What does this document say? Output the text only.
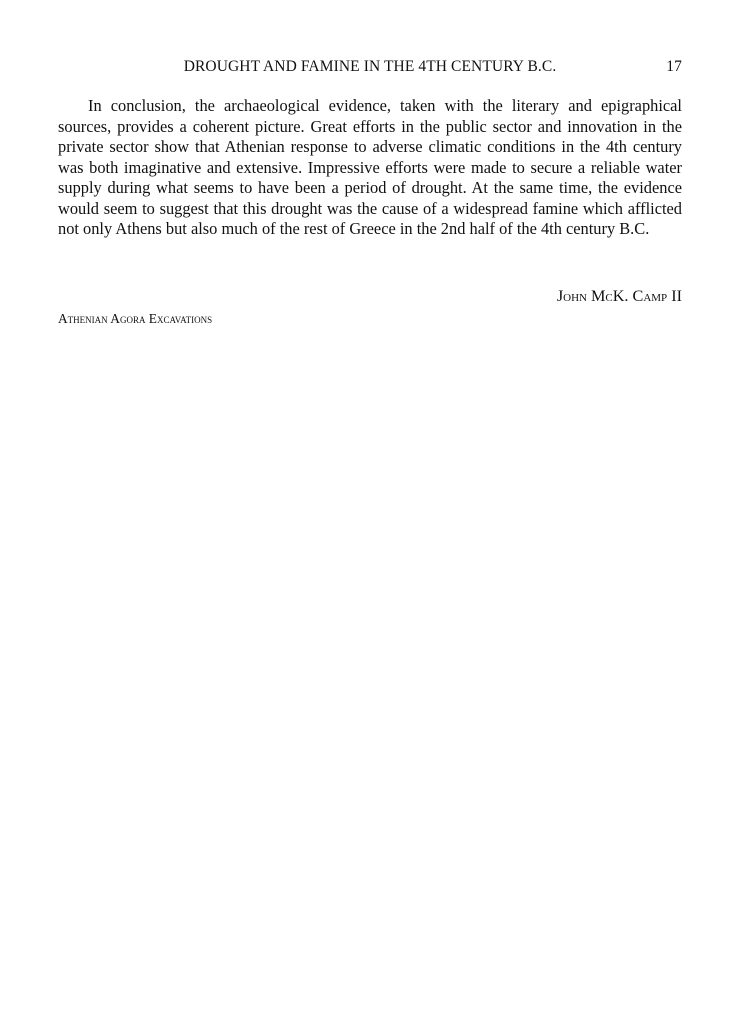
DROUGHT AND FAMINE IN THE 4TH CENTURY B.C.	17

In conclusion, the archaeological evidence, taken with the literary and epigraphical sources, provides a coherent picture. Great efforts in the public sector and innovation in the private sector show that Athenian response to adverse climatic conditions in the 4th century was both imaginative and extensive. Impressive efforts were made to secure a reliable water supply during what seems to have been a period of drought. At the same time, the evidence would seem to suggest that this drought was the cause of a widespread famine which afflicted not only Athens but also much of the rest of Greece in the 2nd half of the 4th century B.C.

John McK. Camp II
Athenian Agora Excavations
